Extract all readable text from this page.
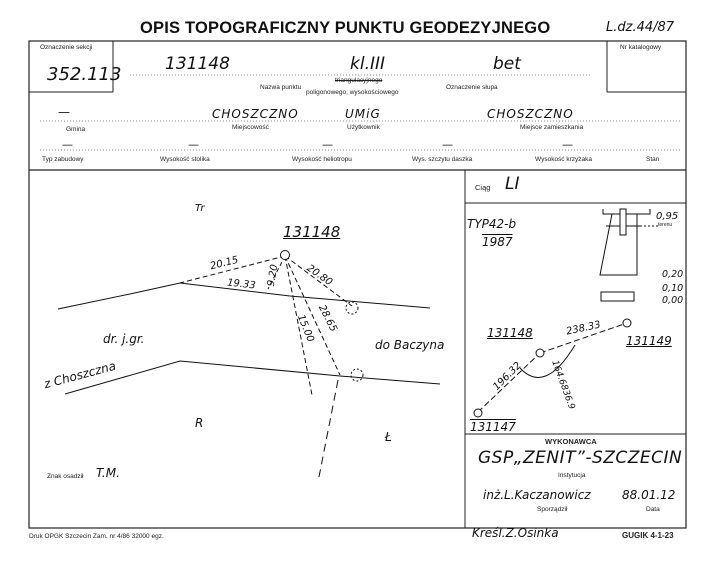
OPIS TOPOGRAFICZNY PUNKTU GEODEZYJNEGO	L.dz.44/87
Oznaczenie sekcji
352.113
Nr katalogowy
131148	kl.III	bet
Nazwa punktu
triangulacyjnego
poligonowego, wysokościowego
Oznaczenie słupa
—	CHOSZCZNO	UMiG	CHOSZCZNO
Gmina	Miejscowość	Użytkownik	Miejsce zamieszkania
—	—	—	—	—
Typ zabudowy	Wysokość stolika	Wysokość heliotropu	Wys. szczytu daszka	Wysokość krzyżaka	Stan
Tr
131148
20.15
19.33 9.20 20.80
15.00 28.65
dr. j.gr.
z Choszczna
do Baczyna
R
Ł
Znak osadził T.M.
Ciąg LI
TYP42-b
1987
0,95
terenu
0,20
0,10
0,00
131148
131149
131147
238.33
196.32	164.6836.9
WYKONAWCA
GSP„ZENIT”-SZCZECIN
Instytucja
inż.L.Kaczanowicz	88.01.12
Sporządził	Data
Druk OPGK Szczecin Zam. nr 4/86 32000 egz.	Kreśl.Z.Osinka	GUGIK 4-1-23
